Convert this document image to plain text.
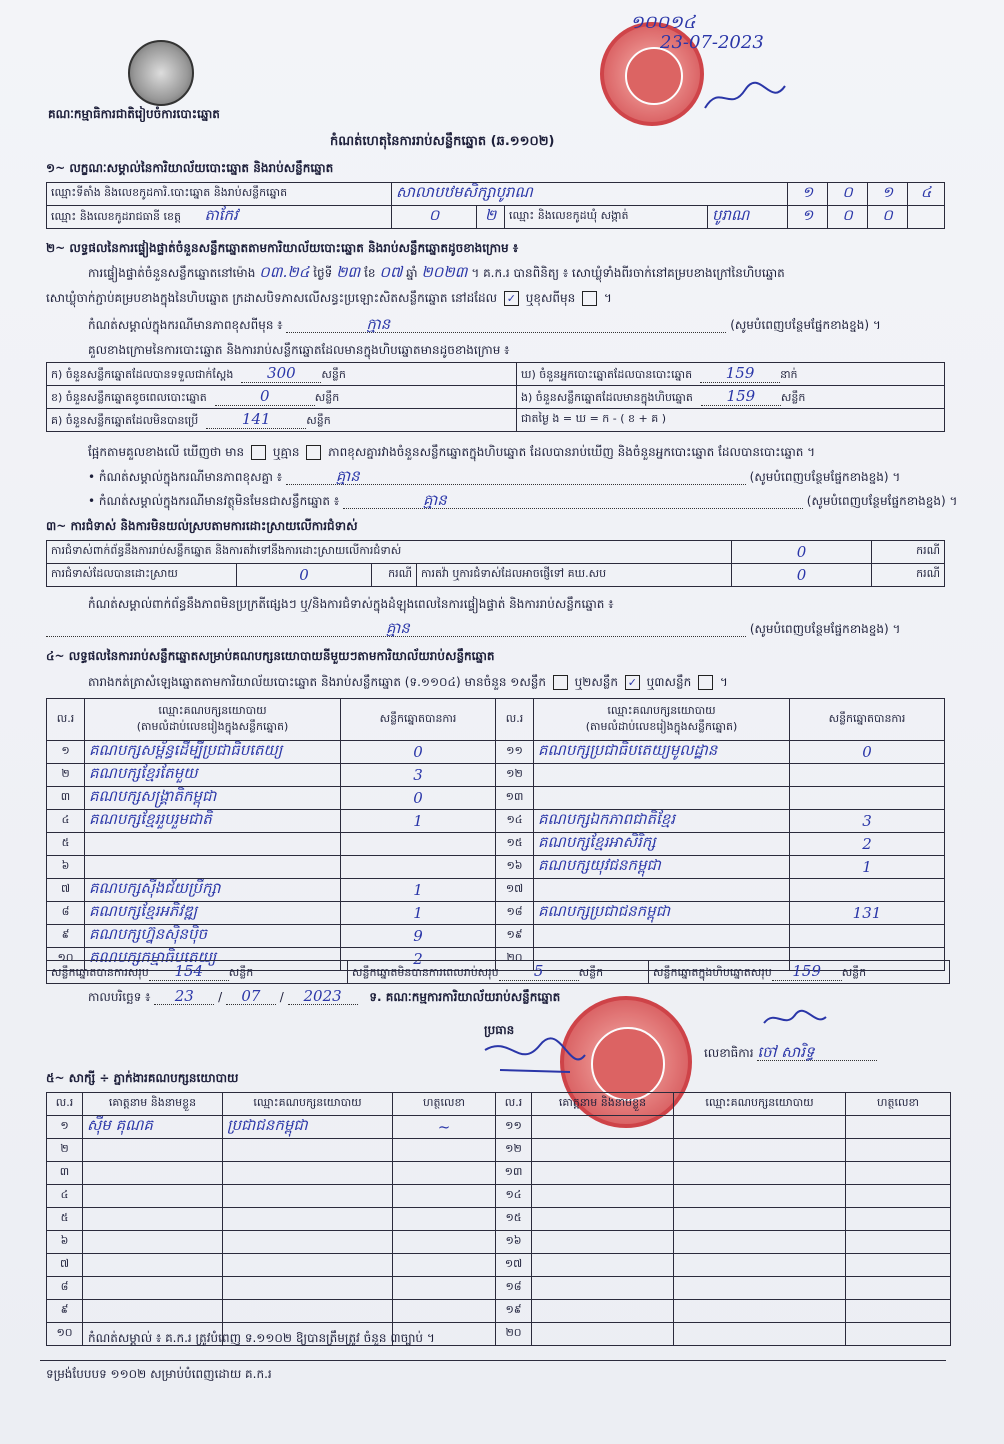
គណៈកម្មាធិការជាតិរៀបចំការបោះឆ្នោត
កំណត់ហេតុនៃការរាប់សន្លឹកឆ្នោត (ឆ.១១០២)
១០០១៤
23-07-2023
១~ លក្ខណៈសម្គាល់នៃការិយាល័យបោះឆ្នោត និងរាប់សន្លឹកឆ្នោត
ឈ្មោះទីតាំង និងលេខកូដការិ.បោះឆ្នោត និងរាប់សន្លឹកឆ្នោត	សាលាបឋមសិក្សាបូរាណ				១	០	១	៤
ឈ្មោះ និងលេខកូដរាជធានី ខេត្ត តាកែវ	០	២	ឈ្មោះ និងលេខកូដឃុំ សង្កាត់	បូរាណ	១	០	០	
២~ លទ្ធផលនៃការផ្ទៀងផ្ទាត់ចំនួនសន្លឹកឆ្នោតតាមការិយាល័យបោះឆ្នោត និងរាប់សន្លឹកឆ្នោតដូចខាងក្រោម ៖
ការផ្ទៀងផ្ទាត់ចំនួនសន្លឹកឆ្នោតនៅម៉ោង ០៣.២៤ ថ្ងៃទី ២៣ ខែ ០៧ ឆ្នាំ ២០២៣ ។ គ.ក.រ បានពិនិត្យ ៖ សោឃ្លុំទាំងពីរចាក់នៅគម្របខាងក្រៅនៃហិបឆ្នោត
សោឃ្លុំចាក់ភ្ជាប់គម្របខាងក្នុងនៃហិបឆ្នោត ក្រដាសបិទភាសលើសន្ធះប្រឡោះសិតសន្លឹកឆ្នោត នៅដដែល ✓ ឬខុសពីមុន ។
កំណត់សម្គាល់ក្នុងករណីមានភាពខុសពីមុន ៖	ក្មាន	(សូមបំពេញបន្ថែមផ្នែកខាងខ្នង) ។
គួលខាងក្រោមនៃការបោះឆ្នោត និងការរាប់សន្លឹកឆ្នោតដែលមានក្នុងហិបឆ្នោតមានដូចខាងក្រោម ៖
ក) ចំនួនសន្លឹកឆ្នោតដែលបានទទួលជាក់ស្តែង 300 សន្លឹក	ឃ) ចំនួនអ្នកបោះឆ្នោតដែលបានបោះឆ្នោត 159 នាក់
ខ) ចំនួនសន្លឹកឆ្នោតខូចពេលបោះឆ្នោត 0 សន្លឹក	ង) ចំនួនសន្លឹកឆ្នោតដែលមានក្នុងហិបឆ្នោត 159 សន្លឹក
គ) ចំនួនសន្លឹកឆ្នោតដែលមិនបានប្រើ 141 សន្លឹក	ជាតម្ងៃ ង = ឃ = ក - ( ខ + គ )
ផ្អែកតាមគួលខាងលើ ឃើញថា មាន ឬគ្មាន ភាពខុសគ្នារវាងចំនួនសន្លឹកឆ្នោតក្នុងហិបឆ្នោត ដែលបានរាប់ឃើញ និងចំនួនអ្នកបោះឆ្នោត ដែលបានបោះឆ្នោត ។
• កំណត់សម្គាល់ក្នុងករណីមានភាពខុសគ្នា ៖	គ្មាន	(សូមបំពេញបន្ថែមផ្នែកខាងខ្នង) ។
• កំណត់សម្គាល់ក្នុងករណីមានវត្ថុមិនមែនជាសន្លឹកឆ្នោត ៖	គ្មាន	(សូមបំពេញបន្ថែមផ្នែកខាងខ្នង) ។
៣~ ការជំទាស់ និងការមិនយល់ស្របតាមការដោះស្រាយលើការជំទាស់
ការជំទាស់ពាក់ព័ន្ធនឹងការរាប់សន្លឹកឆ្នោត និងការតវ៉ាទៅនឹងការដោះស្រាយលើការជំទាស់				0	ករណី
ការជំទាស់ដែលបានដោះស្រាយ	0	ករណី	ការតវ៉ា ឬការជំទាស់ដែលអាចផ្ញើទៅ គឃ.សប	0	ករណី
កំណត់សម្គាល់ពាក់ព័ន្ធនឹងភាពមិនប្រក្រតីផ្សេងៗ ឬ/និងការជំទាស់ក្នុងដំឡុងពេលនៃការផ្ទៀងផ្ទាត់ និងការរាប់សន្លឹកឆ្នោត ៖
គ្មាន	(សូមបំពេញបន្ថែមផ្នែកខាងខ្នង) ។
៤~ លទ្ធផលនៃការរាប់សន្លឹកឆ្នោតសម្រាប់គណបក្សនយោបាយនីមួយៗតាមការិយាល័យរាប់សន្លឹកឆ្នោត
តារាងកត់ត្រាសំឡេងឆ្នោតតាមការិយាល័យបោះឆ្នោត និងរាប់សន្លឹកឆ្នោត (ទ.១១០៤) មានចំនួន ១សន្លឹក ឬ២សន្លឹក ✓ ឬ៣សន្លឹក ។
ល.រ	ឈ្មោះគណបក្សនយោបាយ
(តាមលំដាប់លេខរៀងក្នុងសន្លឹកឆ្នោត)	សន្លឹកឆ្នោតបានការ
១	គណបក្សសម្ព័ន្ធដើម្បីប្រជាធិបតេយ្យ	0
២	គណបក្សខ្មែរតែមួយ	3
៣	គណបក្សសង្គ្រាតិកម្ពុជា	0
៤	គណបក្សខ្មែររួបរួមជាតិ	1
៥		
៦		
៧	គណបក្សស៊ីងជ័យប្រឹក្សា	1
៨	គណបក្សខ្មែរអភិវឌ្ឍ	1
៩	គណបក្សហ្វ៊ុនស៊ិនប៉ិច	9
១០	គណបក្សកម្មាធិបតេយ្យ	2
ល.រ	ឈ្មោះគណបក្សនយោបាយ
(តាមលំដាប់លេខរៀងក្នុងសន្លឹកឆ្នោត)	សន្លឹកឆ្នោតបានការ
១១	គណបក្សប្រជាធិបតេយ្យមូលដ្ឋាន	0
១២		
១៣		
១៤	គណបក្សឯកភាពជាតិខ្មែរ	3
១៥	គណបក្សខ្មែរអាសិរិក្ស	2
១៦	គណបក្សយុវជនកម្ពុជា	1
១៧		
១៨	គណបក្សប្រជាជនកម្ពុជា	131
១៩		
២០		
សន្លឹកឆ្នោតបានការសរុប 154 សន្លឹក	សន្លឹកឆ្នោតមិនបានការពេលរាប់សរុប 5	សន្លឹក	សន្លឹកឆ្នោតក្នុងហិបឆ្នោតសរុប 159 សន្លឹក
កាលបរិច្ឆេទ ៖ 23 / 07 / 2023 ទ. គណៈកម្មការការិយាល័យរាប់សន្លឹកឆ្នោត
ប្រធាន
លេខាធិការ ចៅ សារិទ្ធ
៥~ សាក្សី ÷ ភ្នាក់ងារគណបក្សនយោបាយ
ល.រ	គោត្តនាម និងនាមខ្លួន	ឈ្មោះគណបក្សនយោបាយ	ហត្ថលេខា
១	ស៊ីម គុណគ	ប្រជាជនកម្ពុជា	~
២			
៣			
៤			
៥			
៦			
៧			
៨			
៩			
១០			
ល.រ	គោត្តនាម និងនាមខ្លួន	ឈ្មោះគណបក្សនយោបាយ	ហត្ថលេខា
១១			
១២			
១៣			
១៤			
១៥			
១៦			
១៧			
១៨			
១៩			
២០			
កំណត់សម្គាល់ ៖ គ.ក.រ ត្រូវបំពេញ ទ.១១០២ ឱ្យបានត្រឹមត្រូវ ចំនួន ៣ច្បាប់ ។
ទម្រង់បែបបទ ១១០២ សម្រាប់បំពេញដោយ គ.ក.រ
